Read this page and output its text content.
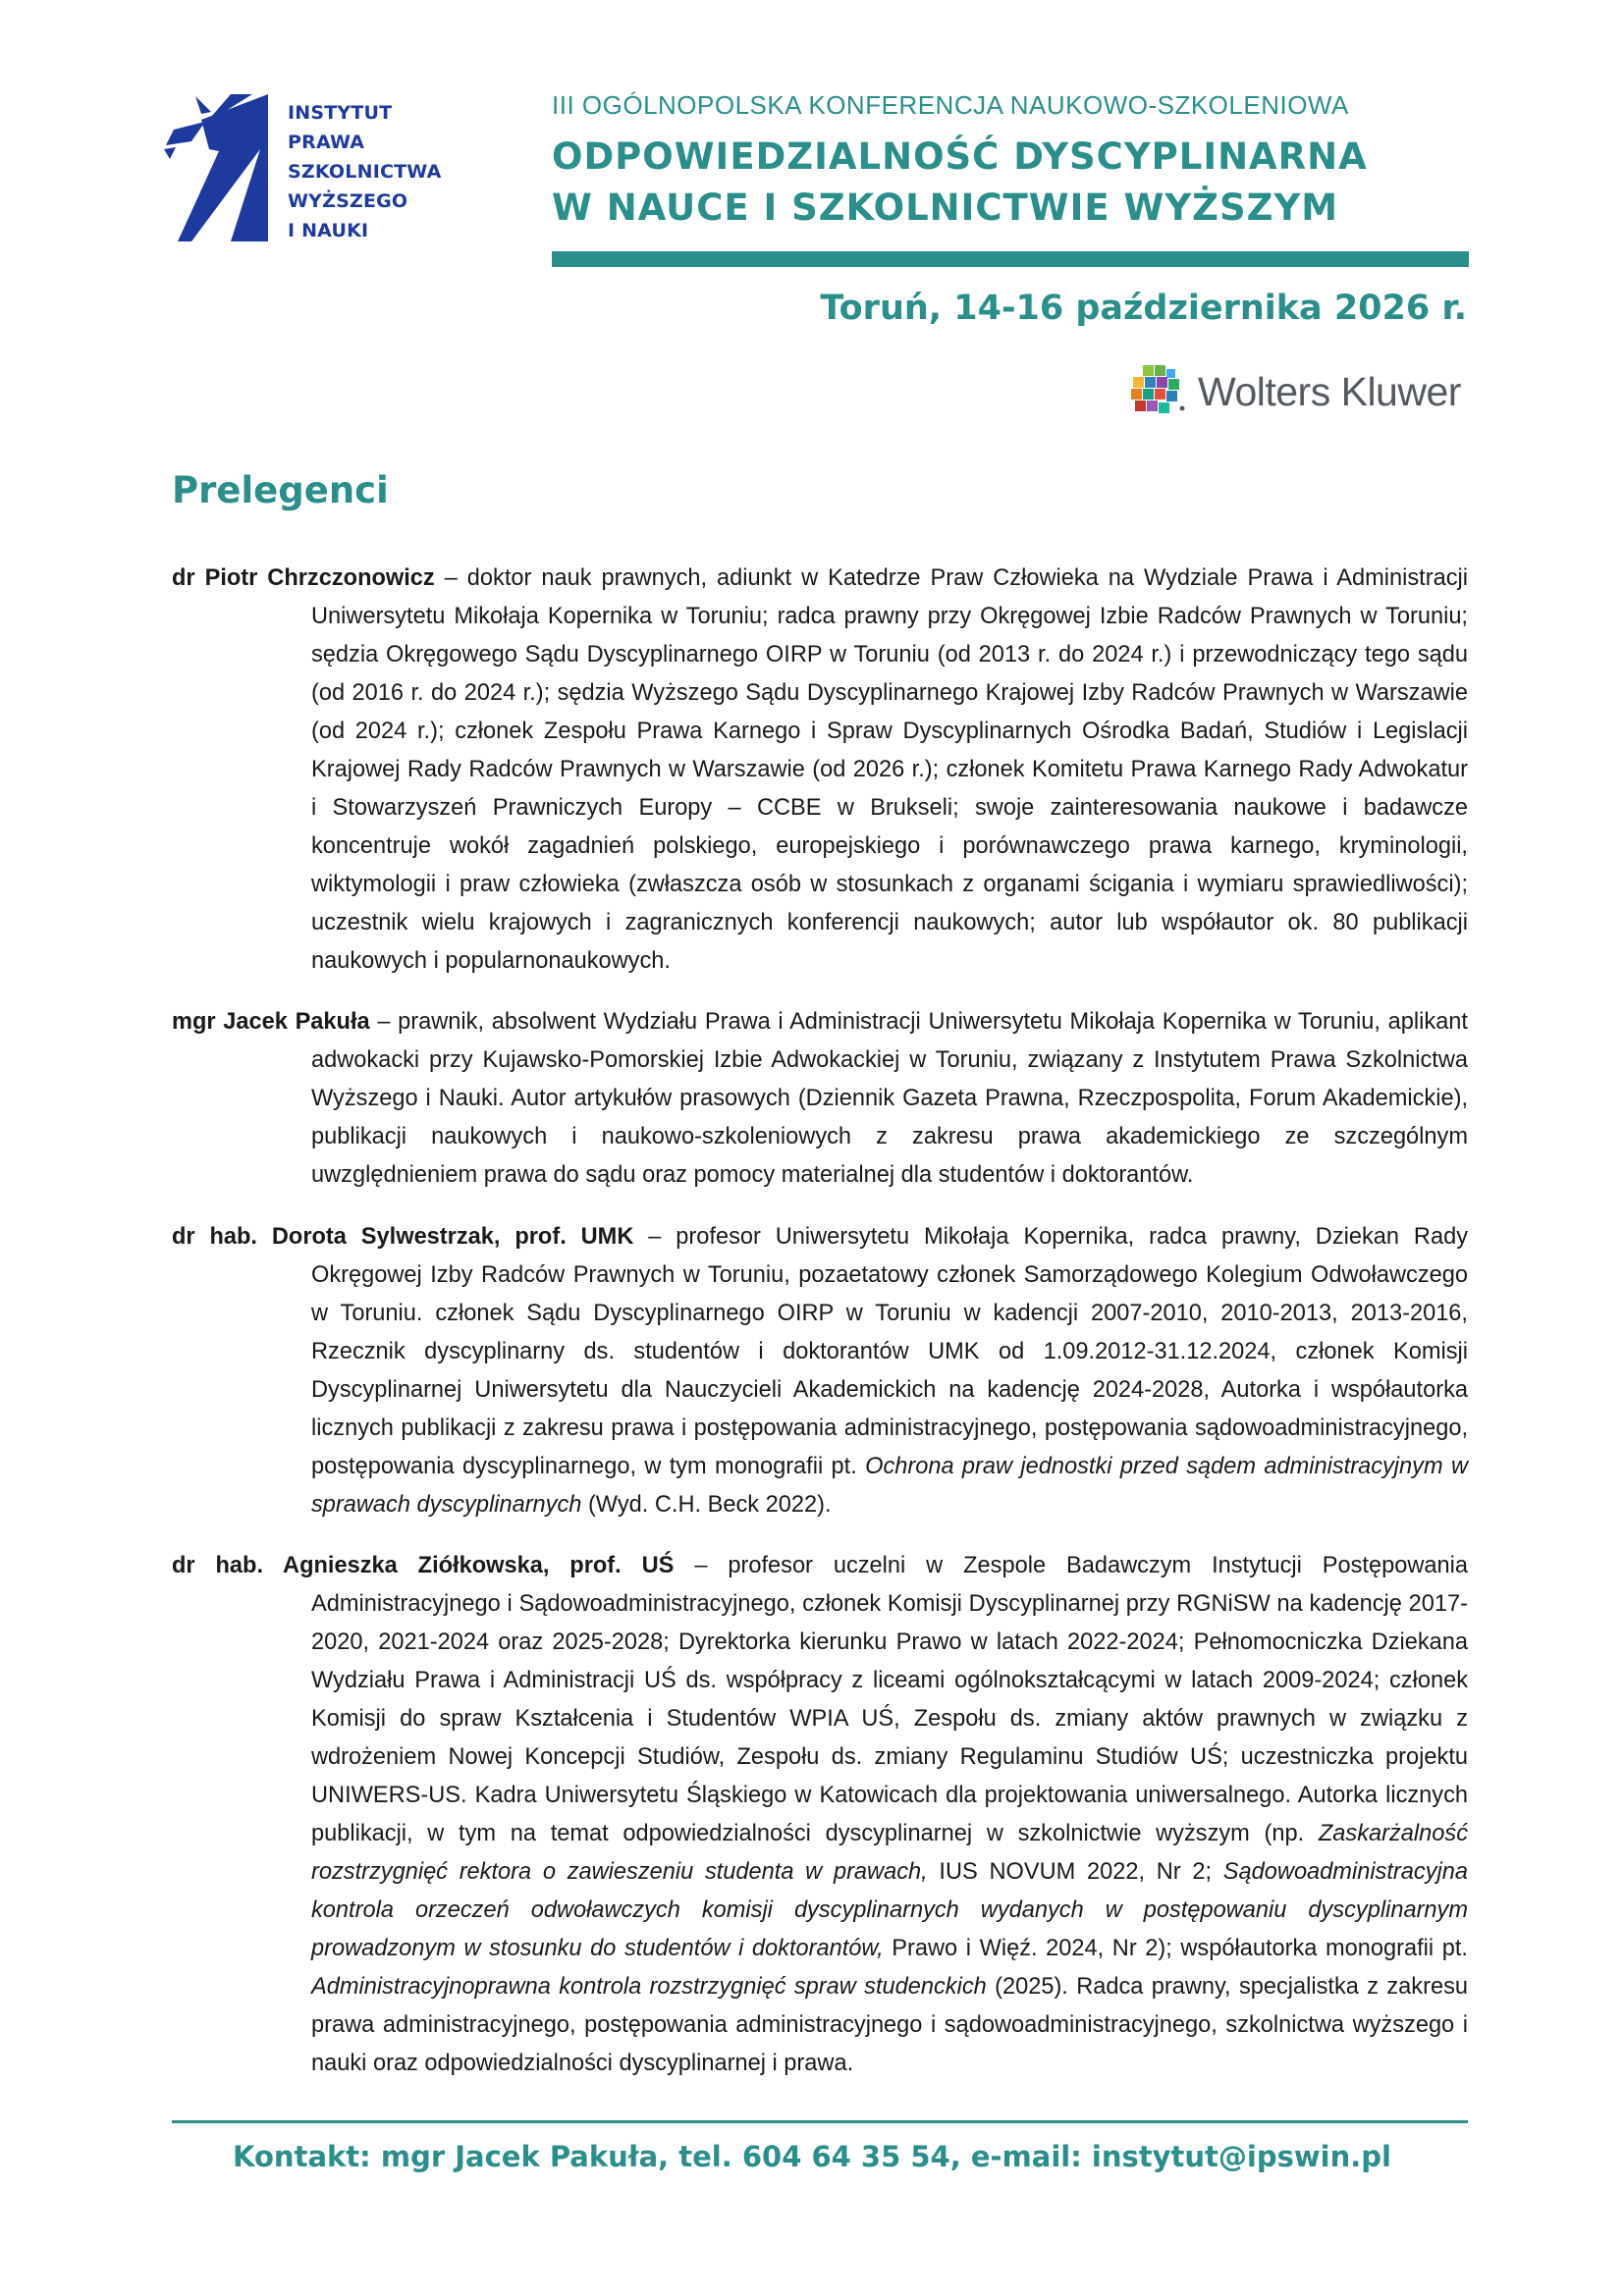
INSTYTUT
PRAWA
SZKOLNICTWA
WYŻSZEGO
I NAUKI
III OGÓLNOPOLSKA KONFERENCJA NAUKOWO-SZKOLENIOWA
ODPOWIEDZIALNOŚĆ DYSCYPLINARNA
W NAUCE I SZKOLNICTWIE WYŻSZYM
Toruń, 14-16 października 2026 r.
Wolters Kluwer
Prelegenci

dr Piotr Chrzczonowicz – doktor nauk prawnych, adiunkt w Katedrze Praw Człowieka na Wydziale Prawa i Administracji Uniwersytetu Mikołaja Kopernika w Toruniu; radca prawny przy Okręgowej Izbie Radców Prawnych w Toruniu; sędzia Okręgowego Sądu Dyscyplinarnego OIRP w Toruniu (od 2013 r. do 2024 r.) i przewodniczący tego sądu (od 2016 r. do 2024 r.); sędzia Wyższego Sądu Dyscyplinarnego Krajowej Izby Radców Prawnych w Warszawie (od 2024 r.); członek Zespołu Prawa Karnego i Spraw Dyscyplinarnych Ośrodka Badań, Studiów i Legislacji Krajowej Rady Radców Prawnych w Warszawie (od 2026 r.); członek Komitetu Prawa Karnego Rady Adwokatur i Stowarzyszeń Prawniczych Europy – CCBE w Brukseli; swoje zainteresowania naukowe i badawcze koncentruje wokół zagadnień polskiego, europejskiego i porównawczego prawa karnego, kryminologii, wiktymologii i praw człowieka (zwłaszcza osób w stosunkach z organami ścigania i wymiaru sprawiedliwości); uczestnik wielu krajowych i zagranicznych konferencji naukowych; autor lub współautor ok. 80 publikacji naukowych i popularnonaukowych.

mgr Jacek Pakuła – prawnik, absolwent Wydziału Prawa i Administracji Uniwersytetu Mikołaja Kopernika w Toruniu, aplikant adwokacki przy Kujawsko-Pomorskiej Izbie Adwokackiej w Toruniu, związany z Instytutem Prawa Szkolnictwa Wyższego i Nauki. Autor artykułów prasowych (Dziennik Gazeta Prawna, Rzeczpospolita, Forum Akademickie), publikacji naukowych i naukowo-szkoleniowych z zakresu prawa akademickiego ze szczególnym uwzględnieniem prawa do sądu oraz pomocy materialnej dla studentów i doktorantów.

dr hab. Dorota Sylwestrzak, prof. UMK – profesor Uniwersytetu Mikołaja Kopernika, radca prawny, Dziekan Rady Okręgowej Izby Radców Prawnych w Toruniu, pozaetatowy członek Samorządowego Kolegium Odwoławczego w Toruniu. członek Sądu Dyscyplinarnego OIRP w Toruniu w kadencji 2007-2010, 2010-2013, 2013-2016, Rzecznik dyscyplinarny ds. studentów i doktorantów UMK od 1.09.2012-31.12.2024, członek Komisji Dyscyplinarnej Uniwersytetu dla Nauczycieli Akademickich na kadencję 2024-2028, Autorka i współautorka licznych publikacji z zakresu prawa i postępowania administracyjnego, postępowania sądowoadministracyjnego, postępowania dyscyplinarnego, w tym monografii pt. Ochrona praw jednostki przed sądem administracyjnym w sprawach dyscyplinarnych (Wyd. C.H. Beck 2022).

dr hab. Agnieszka Ziółkowska, prof. UŚ – profesor uczelni w Zespole Badawczym Instytucji Postępowania Administracyjnego i Sądowoadministracyjnego, członek Komisji Dyscyplinarnej przy RGNiSW na kadencję 2017-2020, 2021-2024 oraz 2025-2028; Dyrektorka kierunku Prawo w latach 2022-2024; Pełnomocniczka Dziekana Wydziału Prawa i Administracji UŚ ds. współpracy z liceami ogólnokształcącymi w latach 2009-2024; członek Komisji do spraw Kształcenia i Studentów WPIA UŚ, Zespołu ds. zmiany aktów prawnych w związku z wdrożeniem Nowej Koncepcji Studiów, Zespołu ds. zmiany Regulaminu Studiów UŚ; uczestniczka projektu UNIWERS-US. Kadra Uniwersytetu Śląskiego w Katowicach dla projektowania uniwersalnego. Autorka licznych publikacji, w tym na temat odpowiedzialności dyscyplinarnej w szkolnictwie wyższym (np. Zaskarżalność rozstrzygnięć rektora o zawieszeniu studenta w prawach, IUS NOVUM 2022, Nr 2; Sądowoadministracyjna kontrola orzeczeń odwoławczych komisji dyscyplinarnych wydanych w postępowaniu dyscyplinarnym prowadzonym w stosunku do studentów i doktorantów, Prawo i Więź. 2024, Nr 2); współautorka monografii pt. Administracyjnoprawna kontrola rozstrzygnięć spraw studenckich (2025). Radca prawny, specjalistka z zakresu prawa administracyjnego, postępowania administracyjnego i sądowoadministracyjnego, szkolnictwa wyższego i nauki oraz odpowiedzialności dyscyplinarnej i prawa.

Kontakt: mgr Jacek Pakuła, tel. 604 64 35 54, e-mail: instytut@ipswin.pl
